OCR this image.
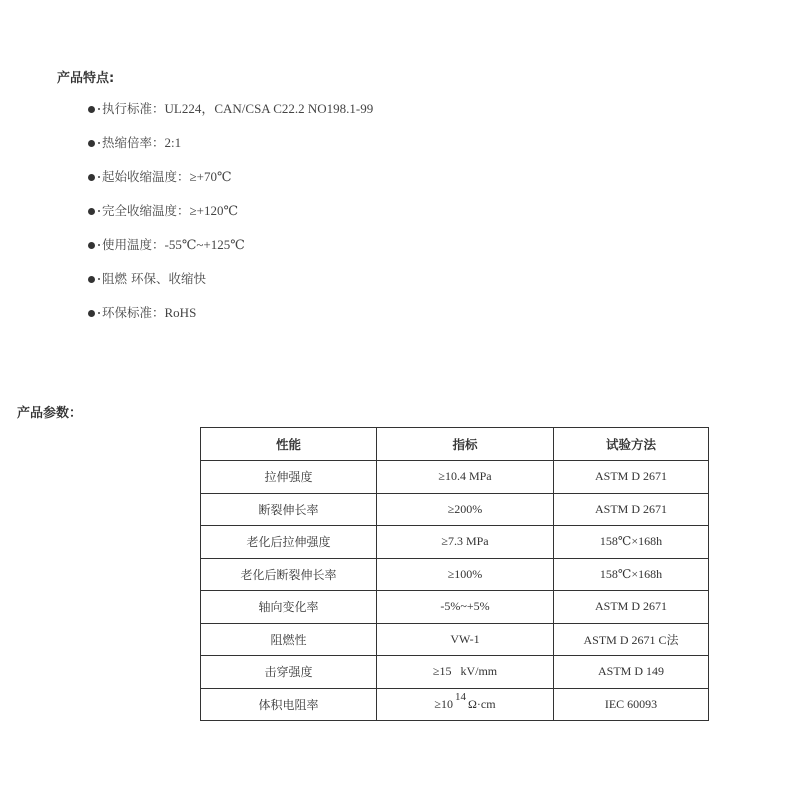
产品特点:
执行标准： UL224，CAN/CSA C22.2 NO198.1-99
热缩倍率： 2:1
起始收缩温度： ≥+70℃
完全收缩温度： ≥+120℃
使用温度： -55℃~+125℃
阻燃 环保、收缩快
环保标准： RoHS
产品参数：
性能	指标	试验方法
拉伸强度	≥10.4 MPa	ASTM D 2671
断裂伸长率	≥200%	ASTM D 2671
老化后拉伸强度	≥7.3 MPa	158℃×168h
老化后断裂伸长率	≥100%	158℃×168h
轴向变化率	-5%~+5%	ASTM D 2671
阻燃性	VW-1	ASTM D 2671 C法
击穿强度	≥15   kV/mm	ASTM D 149
体积电阻率	≥10 14 Ω·cm	IEC 60093
